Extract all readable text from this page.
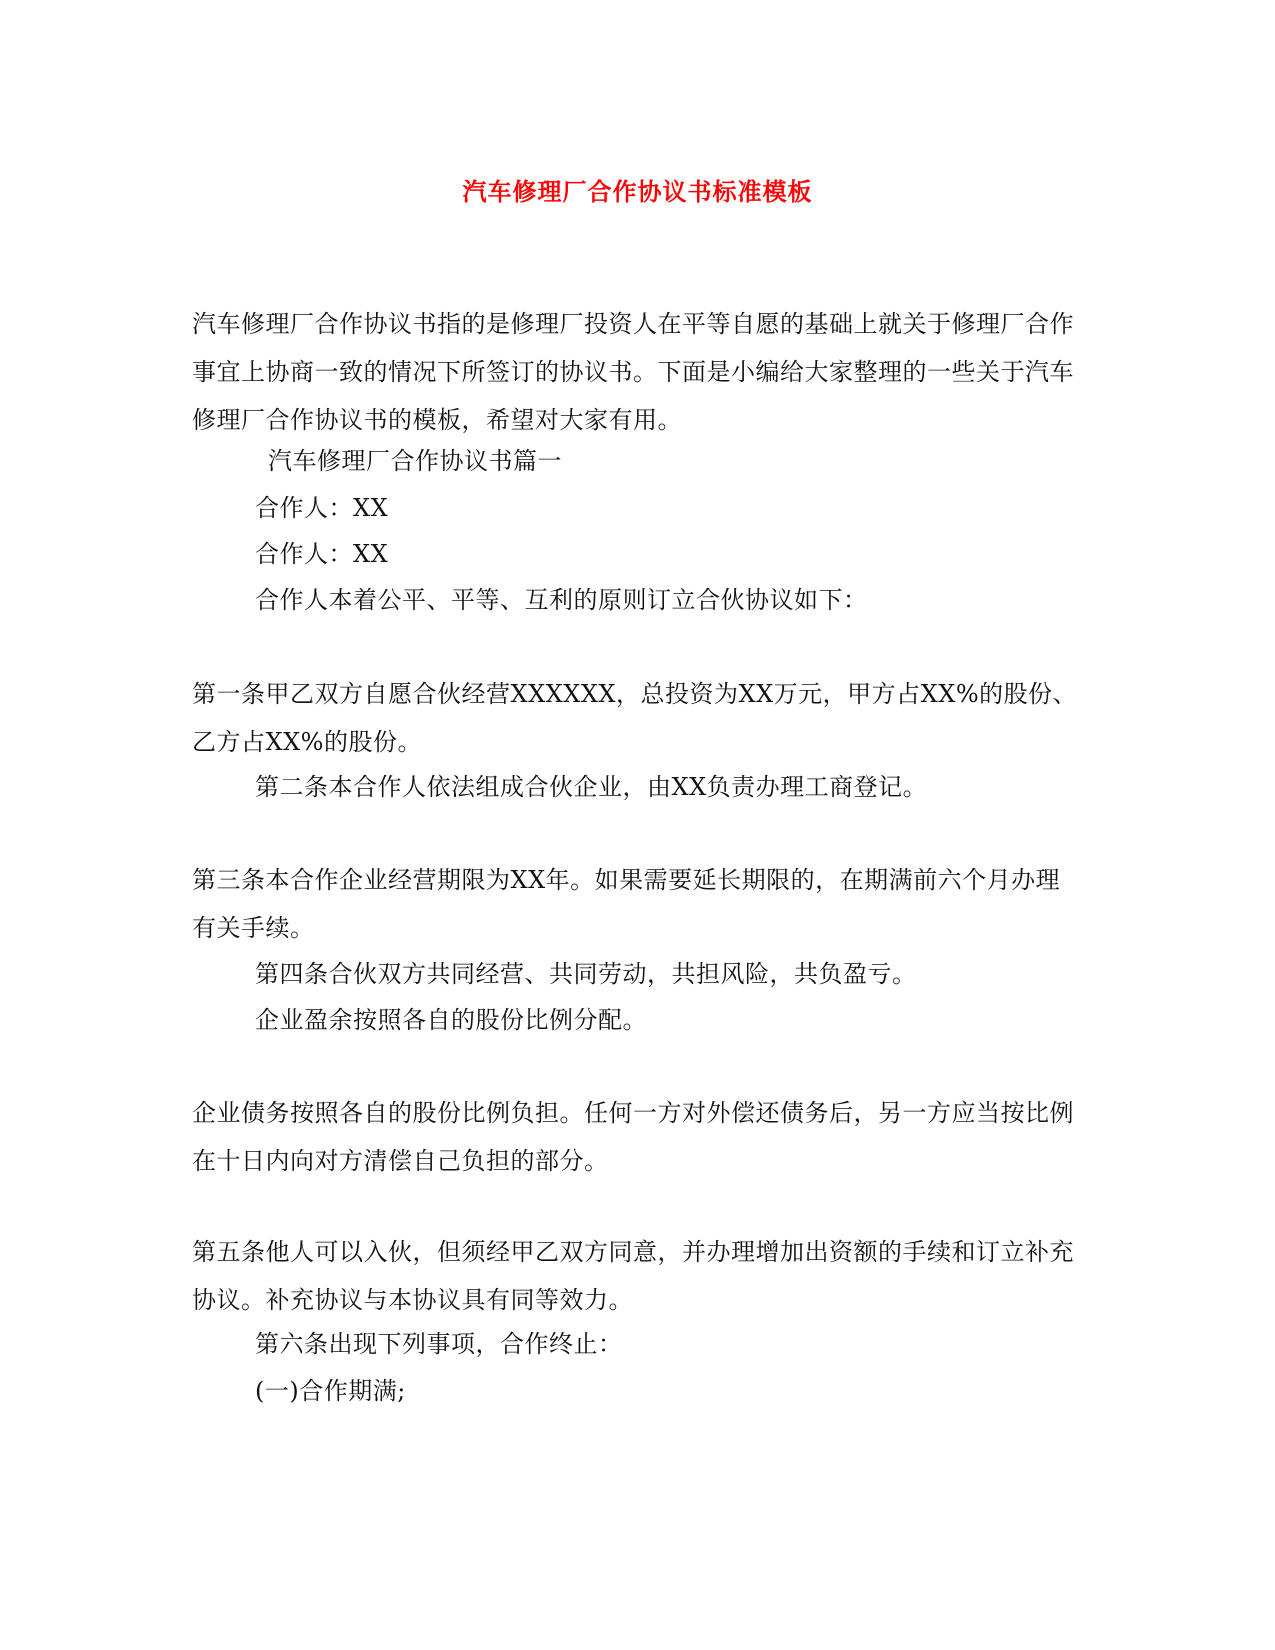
汽车修理厂合作协议书标准模板

汽车修理厂合作协议书指的是修理厂投资人在平等自愿的基础上就关于修理厂合作事宜上协商一致的情况下所签订的协议书。下面是小编给大家整理的一些关于汽车修理厂合作协议书的模板，希望对大家有用。

汽车修理厂合作协议书篇一

合作人：XX

合作人：XX

合作人本着公平、平等、互利的原则订立合伙协议如下：

第一条甲乙双方自愿合伙经营XXXXXX，总投资为XX万元，甲方占XX%的股份、乙方占XX%的股份。

第二条本合作人依法组成合伙企业，由XX负责办理工商登记。

第三条本合作企业经营期限为XX年。如果需要延长期限的，在期满前六个月办理有关手续。

第四条合伙双方共同经营、共同劳动，共担风险，共负盈亏。

企业盈余按照各自的股份比例分配。

企业债务按照各自的股份比例负担。任何一方对外偿还债务后，另一方应当按比例在十日内向对方清偿自己负担的部分。

第五条他人可以入伙，但须经甲乙双方同意，并办理增加出资额的手续和订立补充协议。补充协议与本协议具有同等效力。

第六条出现下列事项，合作终止：

(一)合作期满;
